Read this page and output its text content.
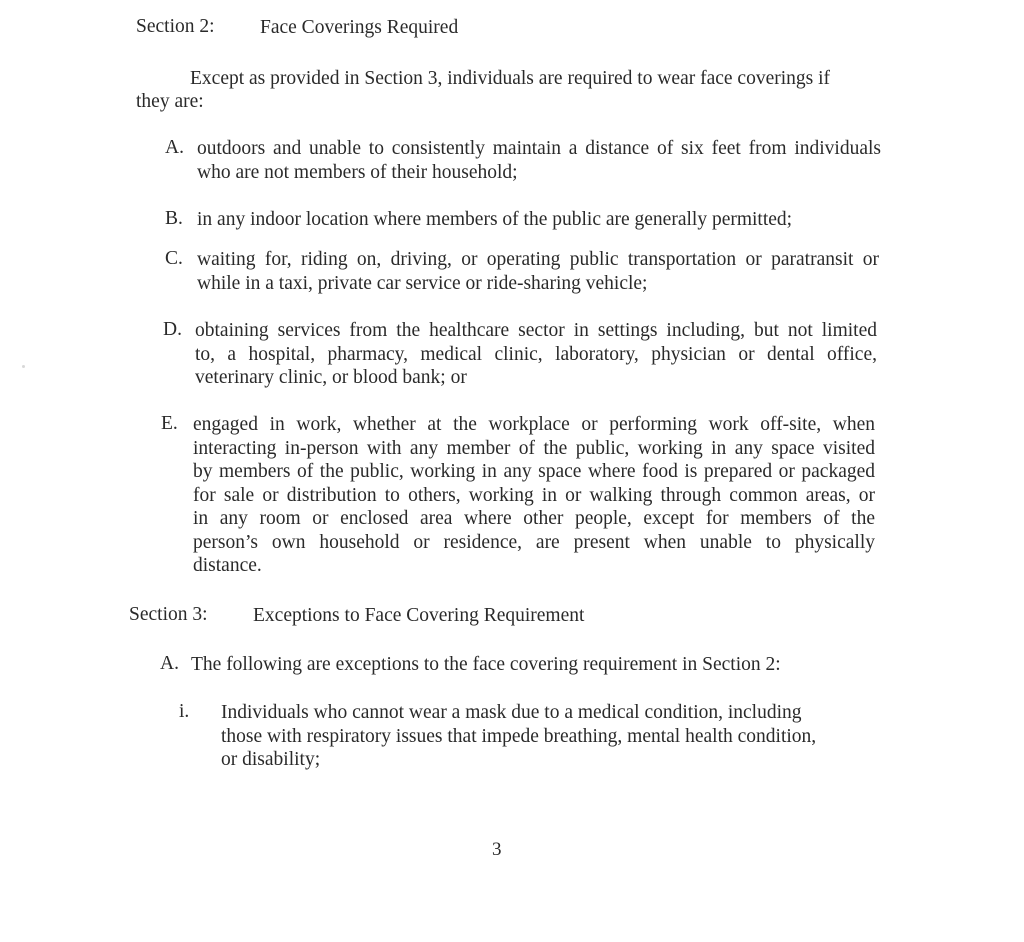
Section 2: Face Coverings Required
Except as provided in Section 3, individuals are required to wear face coverings if
they are:
A. outdoors and unable to consistently maintain a distance of six feet from individuals
who are not members of their household;
B. in any indoor location where members of the public are generally permitted;
C. waiting for, riding on, driving, or operating public transportation or paratransit or
while in a taxi, private car service or ride-sharing vehicle;
D. obtaining services from the healthcare sector in settings including, but not limited
to, a hospital, pharmacy, medical clinic, laboratory, physician or dental office,
veterinary clinic, or blood bank; or
E. engaged in work, whether at the workplace or performing work off-site, when
interacting in-person with any member of the public, working in any space visited
by members of the public, working in any space where food is prepared or packaged
for sale or distribution to others, working in or walking through common areas, or
in any room or enclosed area where other people, except for members of the
person’s own household or residence, are present when unable to physically
distance.
Section 3: Exceptions to Face Covering Requirement
A. The following are exceptions to the face covering requirement in Section 2:
i. Individuals who cannot wear a mask due to a medical condition, including
those with respiratory issues that impede breathing, mental health condition,
or disability;
3
